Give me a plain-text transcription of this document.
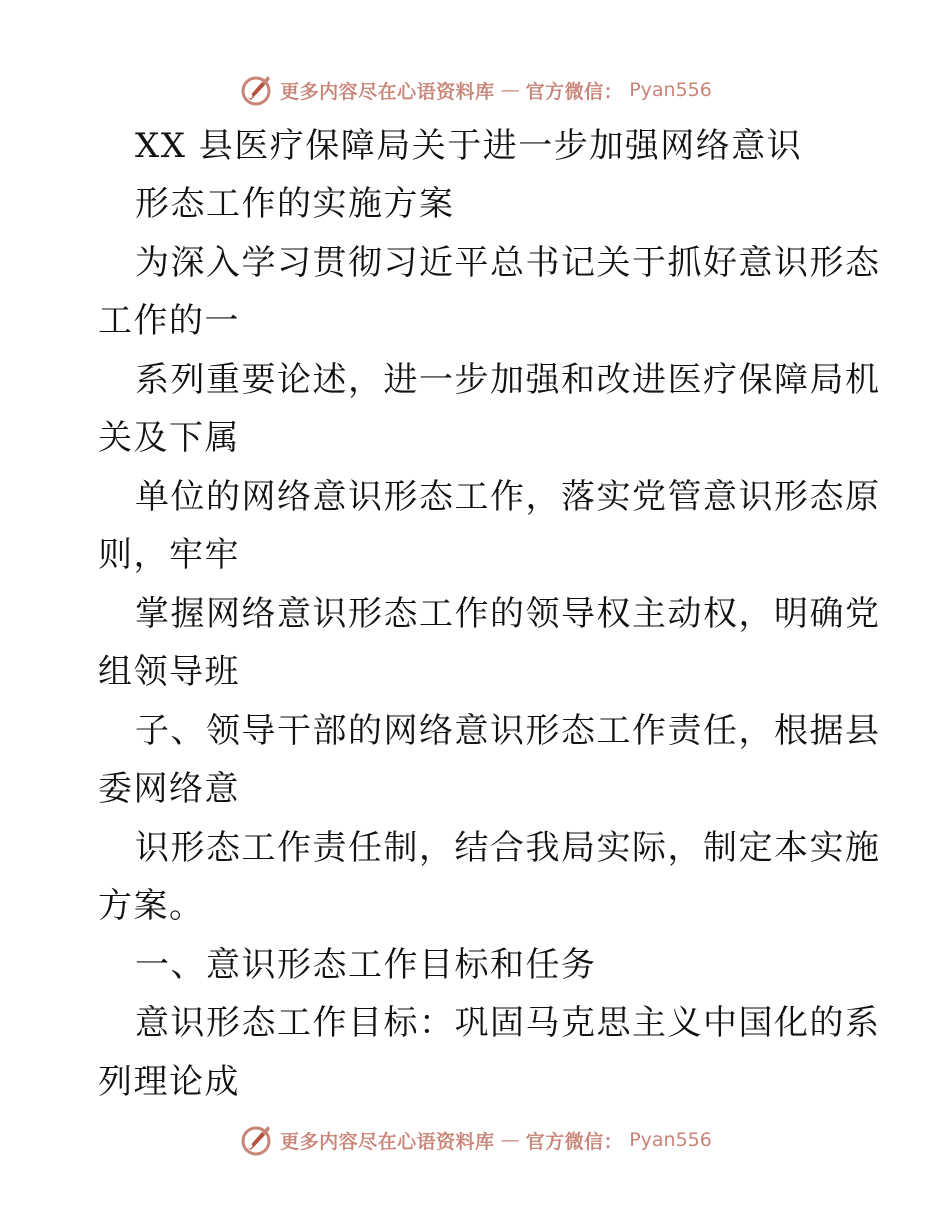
更多内容尽在心语资料库 — 官方微信： Pyan556
XX 县医疗保障局关于进一步加强网络意识
形态工作的实施方案
为深入学习贯彻习近平总书记关于抓好意识形态
工作的一
系列重要论述，进一步加强和改进医疗保障局机
关及下属
单位的网络意识形态工作，落实党管意识形态原
则，牢牢
掌握网络意识形态工作的领导权主动权，明确党
组领导班
子、领导干部的网络意识形态工作责任，根据县
委网络意
识形态工作责任制，结合我局实际，制定本实施
方案。
一、意识形态工作目标和任务
意识形态工作目标：巩固马克思主义中国化的系
列理论成
更多内容尽在心语资料库 — 官方微信： Pyan556
